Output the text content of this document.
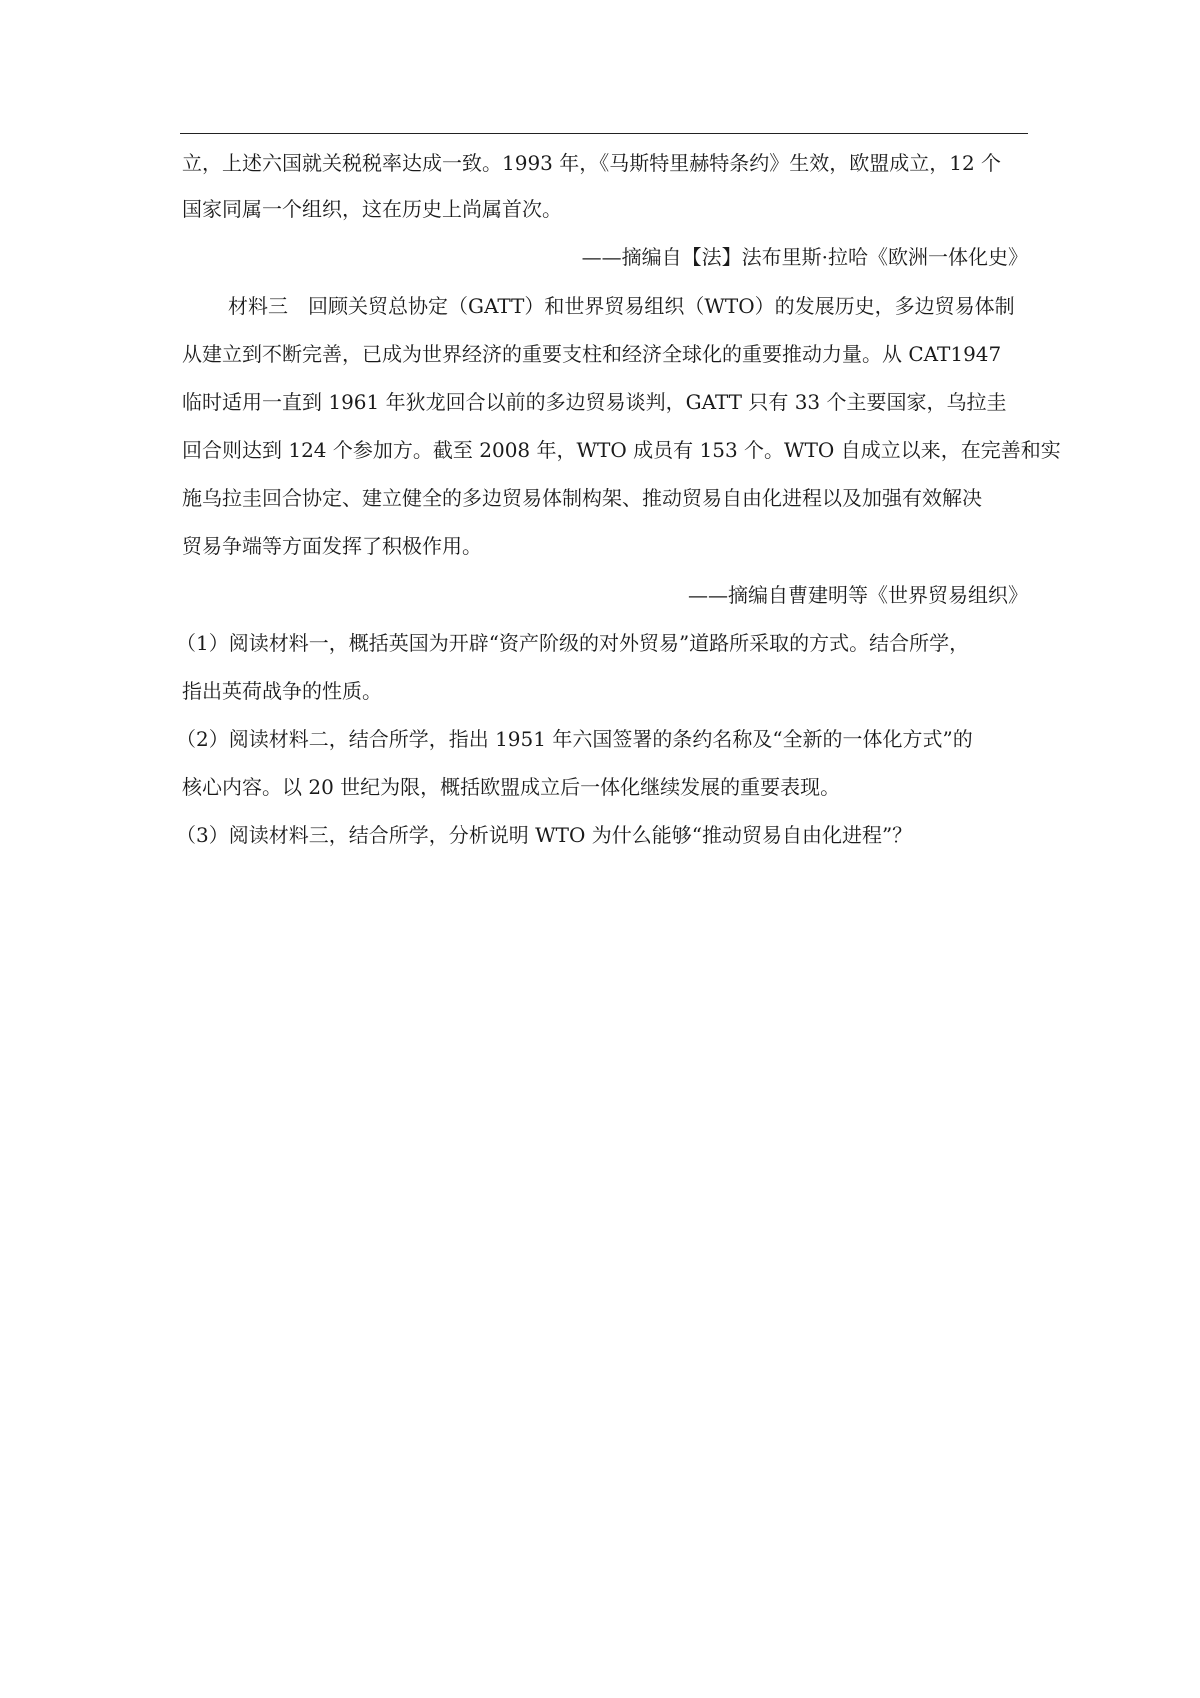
立，上述六国就关税税率达成一致。1993 年，《马斯特里赫特条约》生效，欧盟成立，12 个
国家同属一个组织，这在历史上尚属首次。
——摘编自【法】法布里斯·拉哈《欧洲一体化史》
材料三　回顾关贸总协定（GATT）和世界贸易组织（WTO）的发展历史，多边贸易体制
从建立到不断完善，已成为世界经济的重要支柱和经济全球化的重要推动力量。从 CAT1947
临时适用一直到 1961 年狄龙回合以前的多边贸易谈判，GATT 只有 33 个主要国家，乌拉圭
回合则达到 124 个参加方。截至 2008 年，WTO 成员有 153 个。WTO 自成立以来，在完善和实
施乌拉圭回合协定、建立健全的多边贸易体制构架、推动贸易自由化进程以及加强有效解决
贸易争端等方面发挥了积极作用。
——摘编自曹建明等《世界贸易组织》
（1）阅读材料一，概括英国为开辟“资产阶级的对外贸易”道路所采取的方式。结合所学，
指出英荷战争的性质。
（2）阅读材料二，结合所学，指出 1951 年六国签署的条约名称及“全新的一体化方式”的
核心内容。以 20 世纪为限，概括欧盟成立后一体化继续发展的重要表现。
（3）阅读材料三，结合所学，分析说明 WTO 为什么能够“推动贸易自由化进程”？
